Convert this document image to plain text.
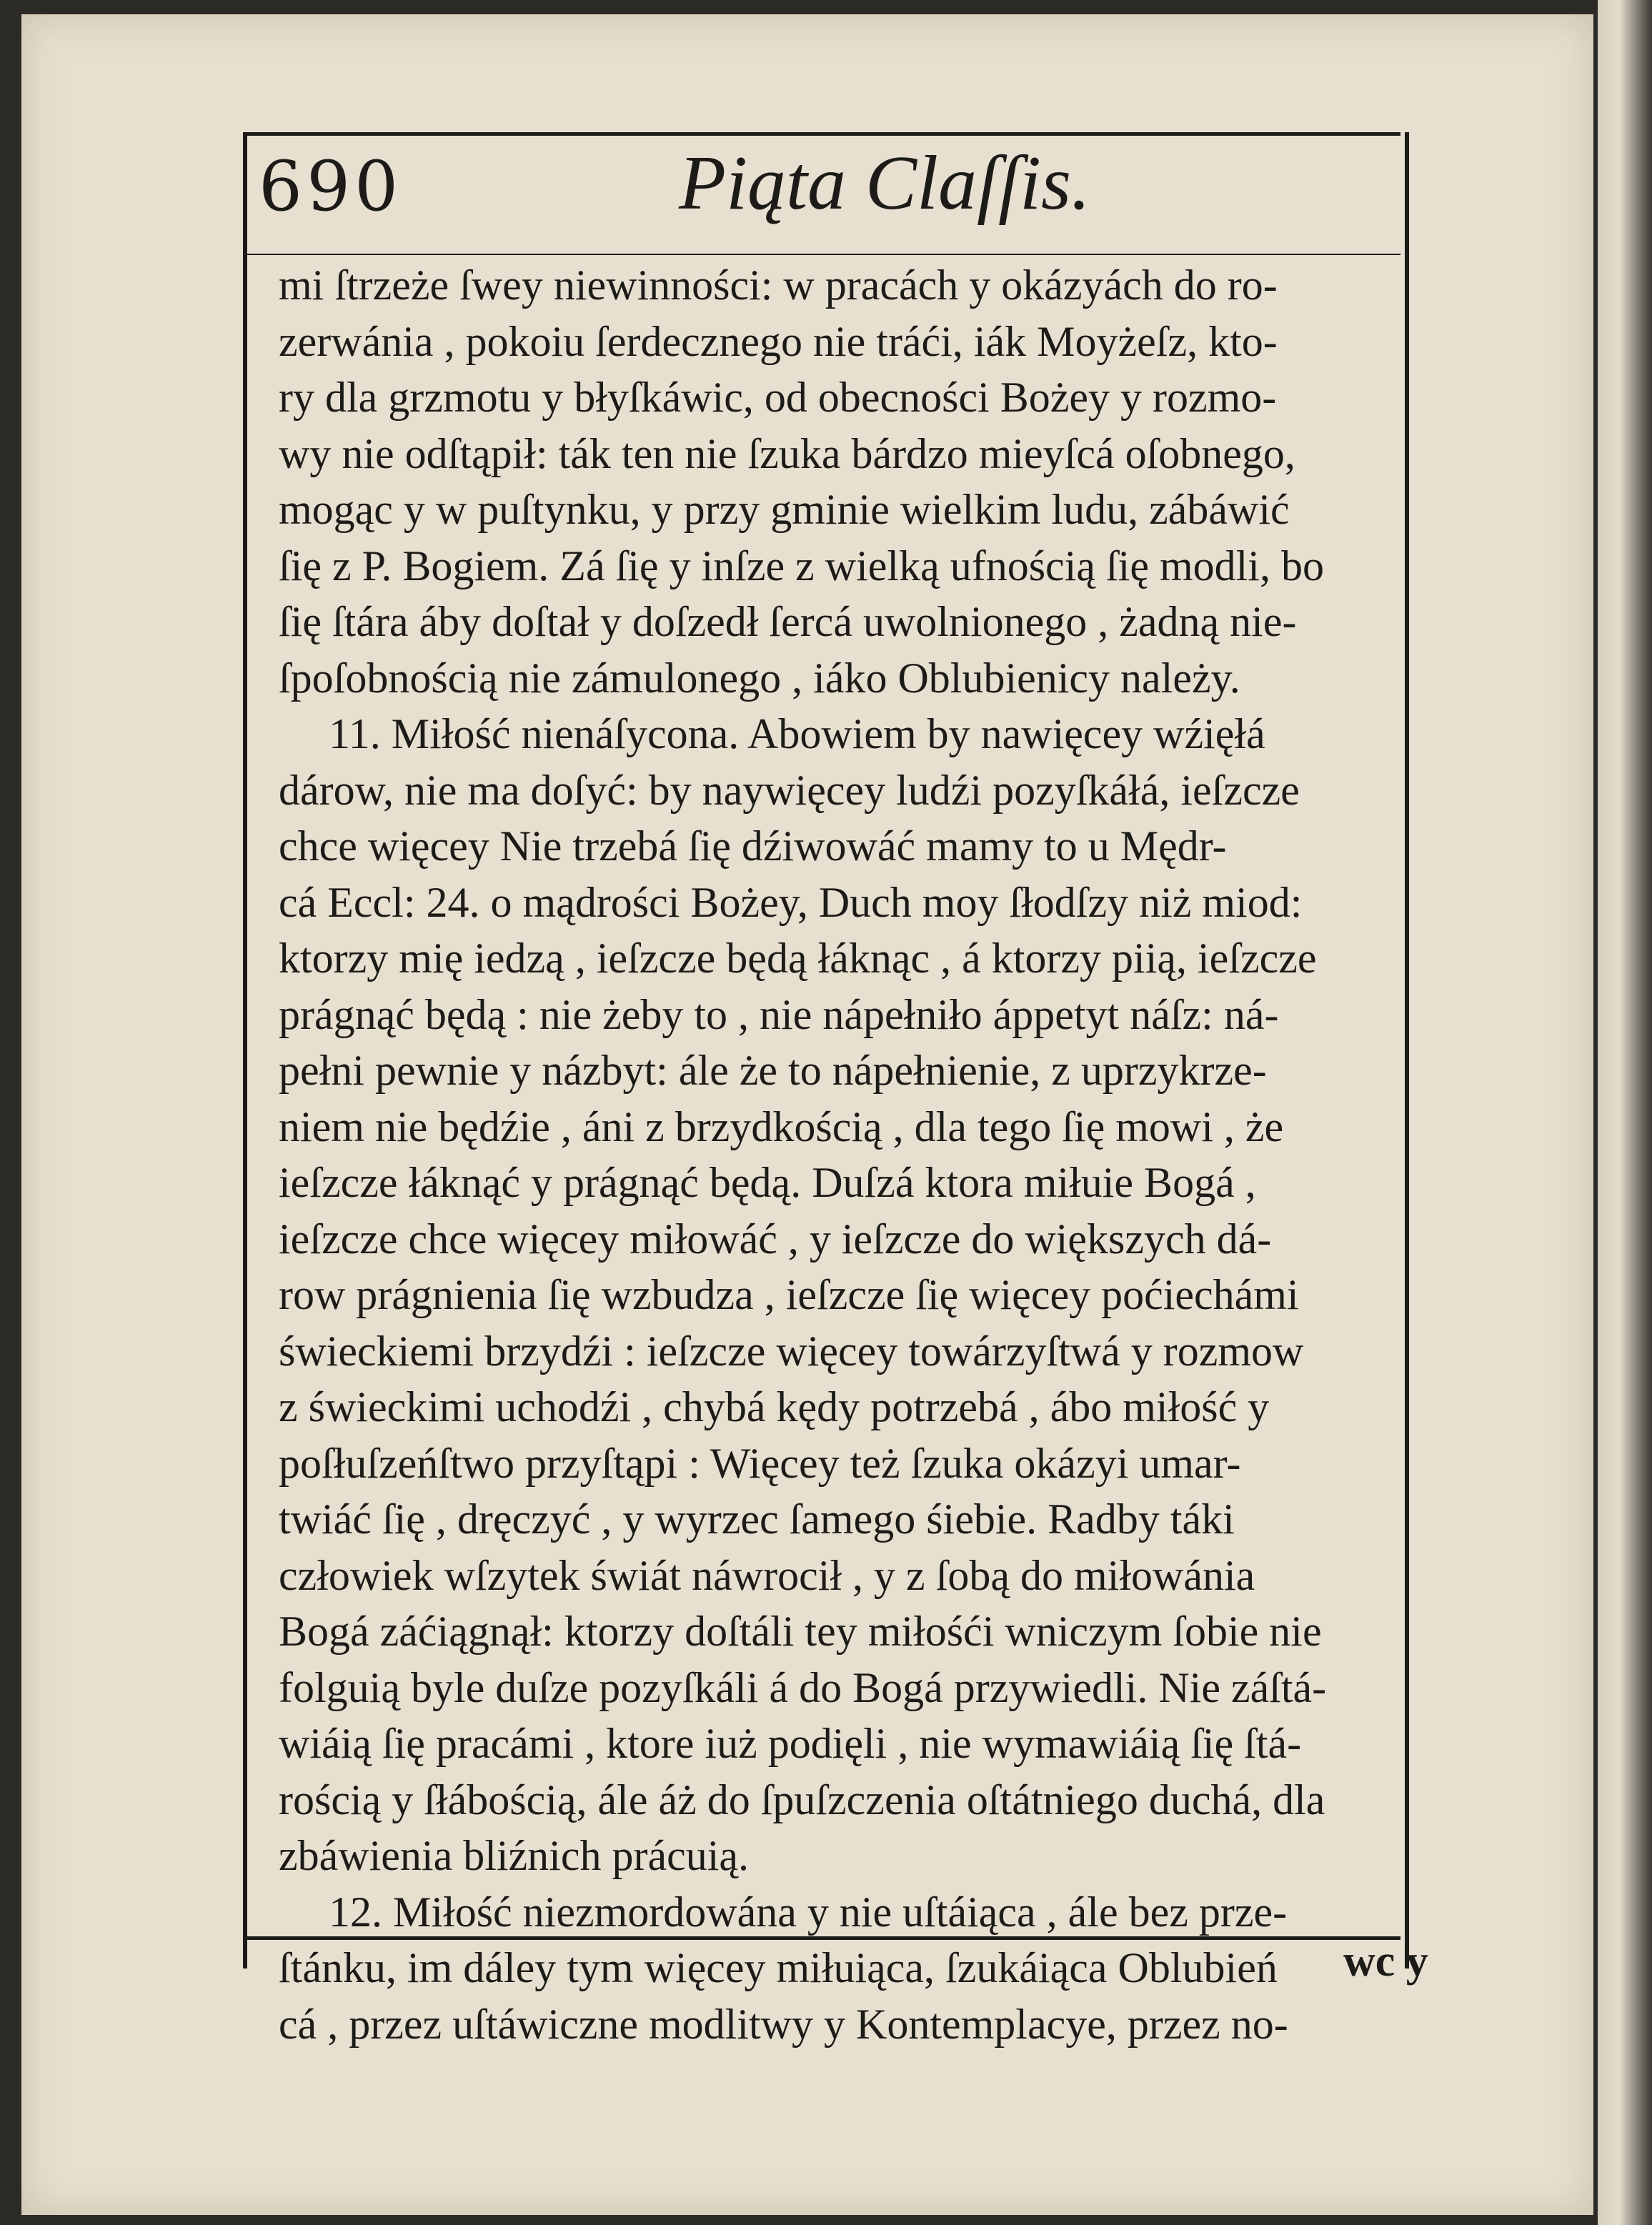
690	Piąta Claſſis.
mi ſtrzeże ſwey niewinności: w pracách y okázyách do ro-
zerwánia , pokoiu ſerdecznego nie tráći, iák Moyżeſz, kto-
ry dla grzmotu y błyſkáwic, od obecności Bożey y rozmo-
wy nie odſtąpił: ták ten nie ſzuka bárdzo mieyſcá oſobnego,
mogąc y w puſtynku, y przy gminie wielkim ludu, zábáwić
ſię z P. Bogiem. Zá ſię y inſze z wielką ufnością ſię modli, bo
ſię ſtára áby doſtał y doſzedł ſercá uwolnionego , żadną nie-
ſpoſobnością nie zámulonego , iáko Oblubienicy należy.
11. Miłość nienáſycona. Abowiem by nawięcey wźięłá
dárow, nie ma doſyć: by naywięcey ludźi pozyſkáłá, ieſzcze
chce więcey Nie trzebá ſię dźiwowáć mamy to u Mędr-
cá Eccl: 24. o mądrości Bożey, Duch moy ſłodſzy niż miod:
ktorzy mię iedzą , ieſzcze będą łáknąc , á ktorzy piią, ieſzcze
prágnąć będą : nie żeby to , nie nápełniło áppetyt náſz: ná-
pełni pewnie y názbyt: ále że to nápełnienie, z uprzykrze-
niem nie będźie , áni z brzydkością , dla tego ſię mowi , że
ieſzcze łáknąć y prágnąć będą. Duſzá ktora miłuie Bogá ,
ieſzcze chce więcey miłowáć , y ieſzcze do większych dá-
row prágnienia ſię wzbudza , ieſzcze ſię więcey poćiechámi
świeckiemi brzydźi : ieſzcze więcey towárzyſtwá y rozmow
z świeckimi uchodźi , chybá kędy potrzebá , ábo miłość y
poſłuſzeńſtwo przyſtąpi : Więcey też ſzuka okázyi umar-
twiáć ſię , dręczyć , y wyrzec ſamego śiebie. Radby táki
człowiek wſzytek świát náwrocił , y z ſobą do miłowánia
Bogá záćiągnął: ktorzy doſtáli tey miłośći wniczym ſobie nie
folguią byle duſze pozyſkáli á do Bogá przywiedli. Nie záſtá-
wiáią ſię pracámi , ktore iuż podięli , nie wymawiáią ſię ſtá-
rością y ſłábością, ále áż do ſpuſzczenia oſtátniego duchá, dla
zbáwienia bliźnich prácuią.
12. Miłość niezmordowána y nie uſtáiąca , ále bez prze-
ſtánku, im dáley tym więcey miłuiąca, ſzukáiąca Oblubień
cá , przez uſtáwiczne modlitwy y Kontemplacye, przez no-
wc y
